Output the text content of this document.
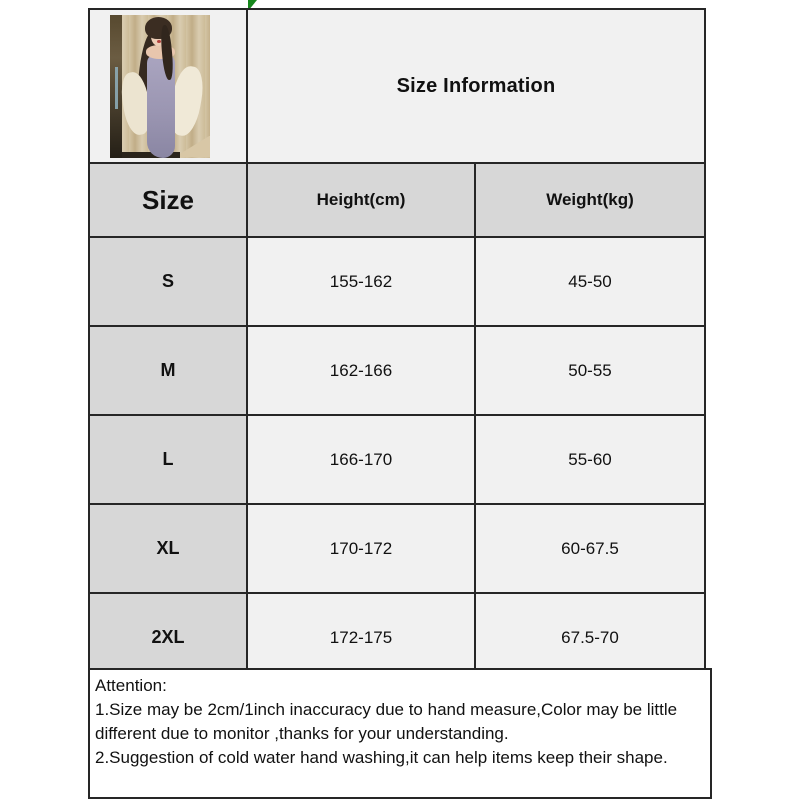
	Size Information	
Size	Height(cm)	Weight(kg)
S	155-162	45-50
M	162-166	50-55
L	166-170	55-60
XL	170-172	60-67.5
2XL	172-175	67.5-70
Attention:
1.Size may be 2cm/1inch inaccuracy due to hand measure,Color may be little
different due to monitor ,thanks for your understanding.
2.Suggestion of cold water hand washing,it can help items keep their shape.
